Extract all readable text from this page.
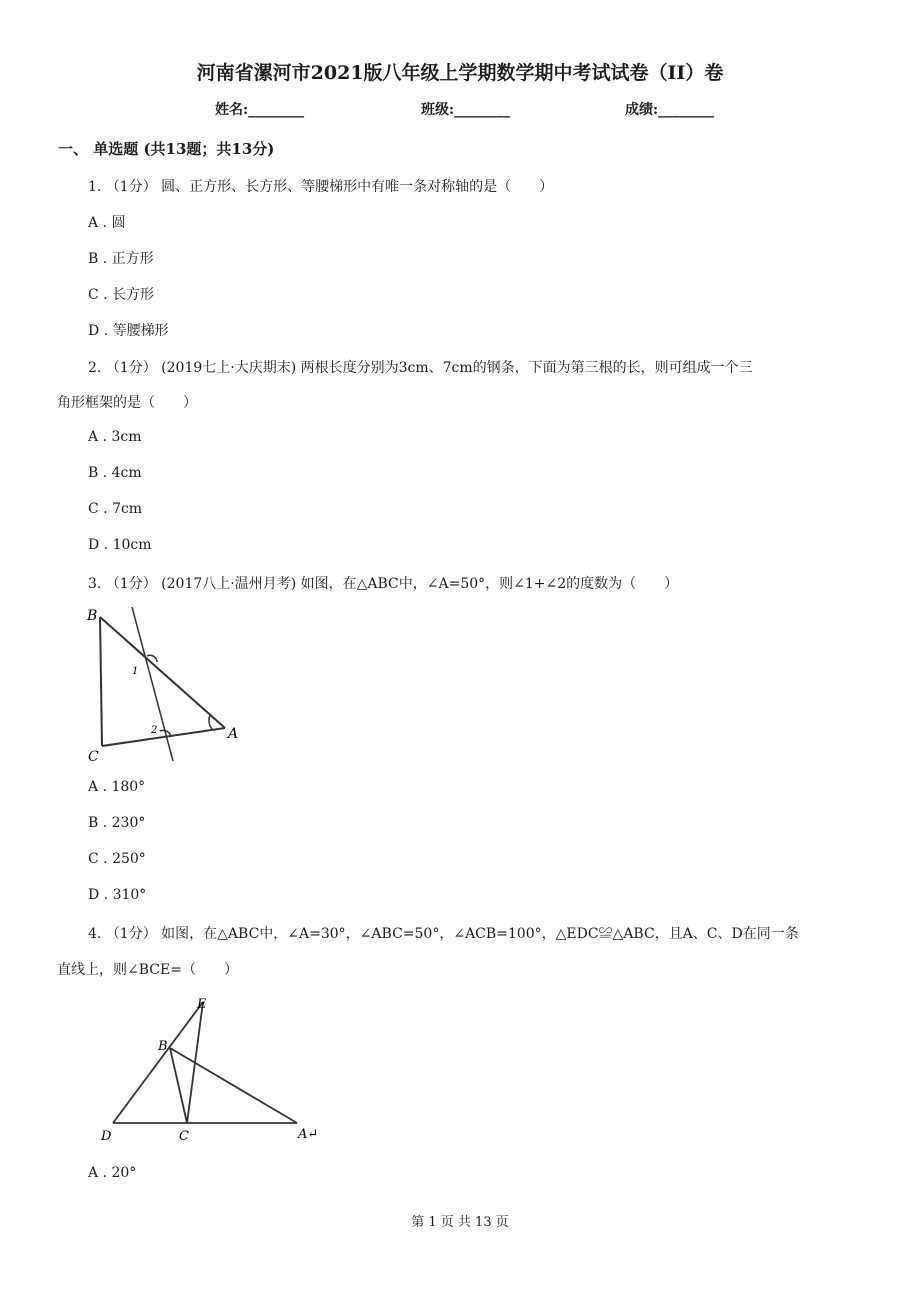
河南省漯河市2021版八年级上学期数学期中考试试卷（II）卷
姓名:________	班级:________	成绩:________
一、 单选题 (共13题；共13分)
1. （1分） 圆、正方形、长方形、等腰梯形中有唯一条对称轴的是（　　）
A . 圆
B . 正方形
C . 长方形
D . 等腰梯形
2. （1分） (2019七上·大庆期末) 两根长度分别为3cm、7cm的钢条，下面为第三根的长，则可组成一个三
角形框架的是（　　）
A . 3cm
B . 4cm
C . 7cm
D . 10cm
3. （1分） (2017八上·温州月考) 如图，在△ABC中，∠A=50°，则∠1+∠2的度数为（　　）
B
C
A
1
2
A . 180°
B . 230°
C . 250°
D . 310°
4. （1分） 如图，在△ABC中，∠A=30°，∠ABC=50°，∠ACB=100°，△EDC≌△ABC，且A、C、D在同一条
直线上，则∠BCE=（　　）
E
B
D	C	A↵
A . 20°
第 1 页 共 13 页
